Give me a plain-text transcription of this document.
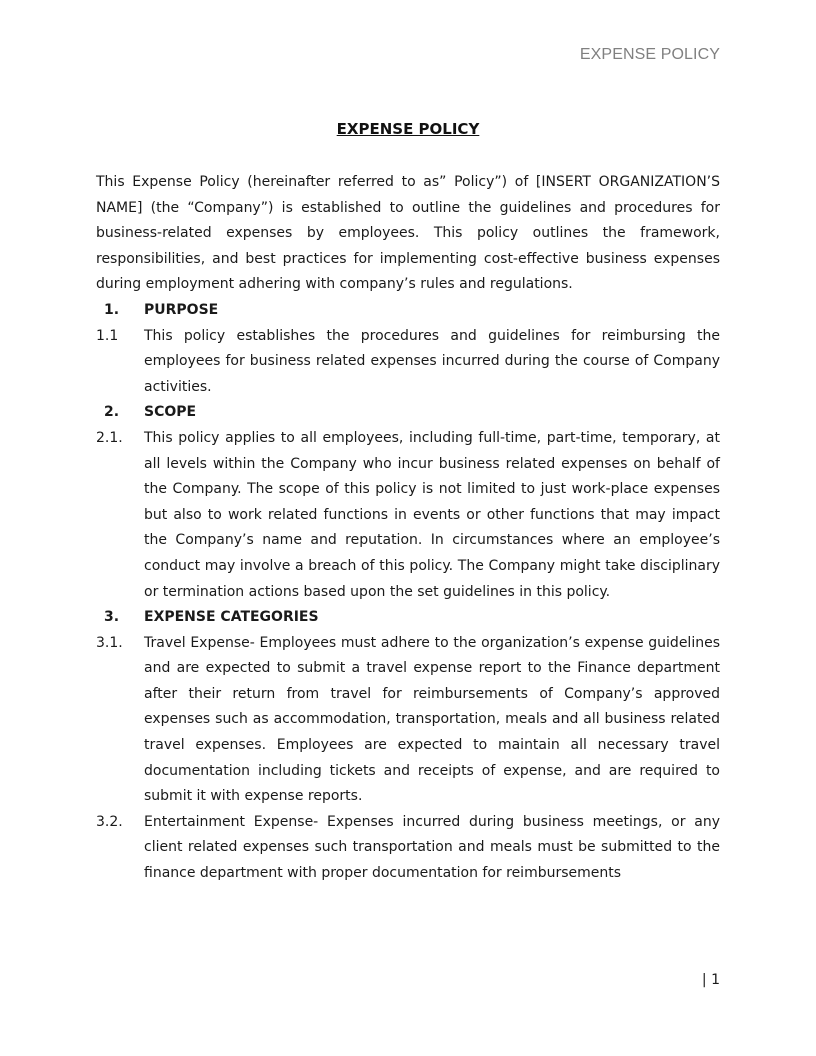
EXPENSE POLICY
EXPENSE POLICY

This Expense Policy (hereinafter referred to as” Policy”) of [INSERT ORGANIZATION’S NAME] (the “Company”) is established to outline the guidelines and procedures for business-related expenses by employees. This policy outlines the framework, responsibilities, and best practices for implementing cost-effective business expenses during employment adhering with company’s rules and regulations.

1.	PURPOSE
1.1	This policy establishes the procedures and guidelines for reimbursing the employees for business related expenses incurred during the course of Company activities.
2.	SCOPE
2.1.	This policy applies to all employees, including full-time, part-time, temporary, at all levels within the Company who incur business related expenses on behalf of the Company. The scope of this policy is not limited to just work-place expenses but also to work related functions in events or other functions that may impact the Company’s name and reputation. In circumstances where an employee’s conduct may involve a breach of this policy. The Company might take disciplinary or termination actions based upon the set guidelines in this policy.
3.	EXPENSE CATEGORIES
3.1.	Travel Expense- Employees must adhere to the organization’s expense guidelines and are expected to submit a travel expense report to the Finance department after their return from travel for reimbursements of Company’s approved expenses such as accommodation, transportation, meals and all business related travel expenses. Employees are expected to maintain all necessary travel documentation including tickets and receipts of expense, and are required to submit it with expense reports.
3.2.	Entertainment Expense- Expenses incurred during business meetings, or any client related expenses such transportation and meals must be submitted to the finance department with proper documentation for reimbursements
| 1
